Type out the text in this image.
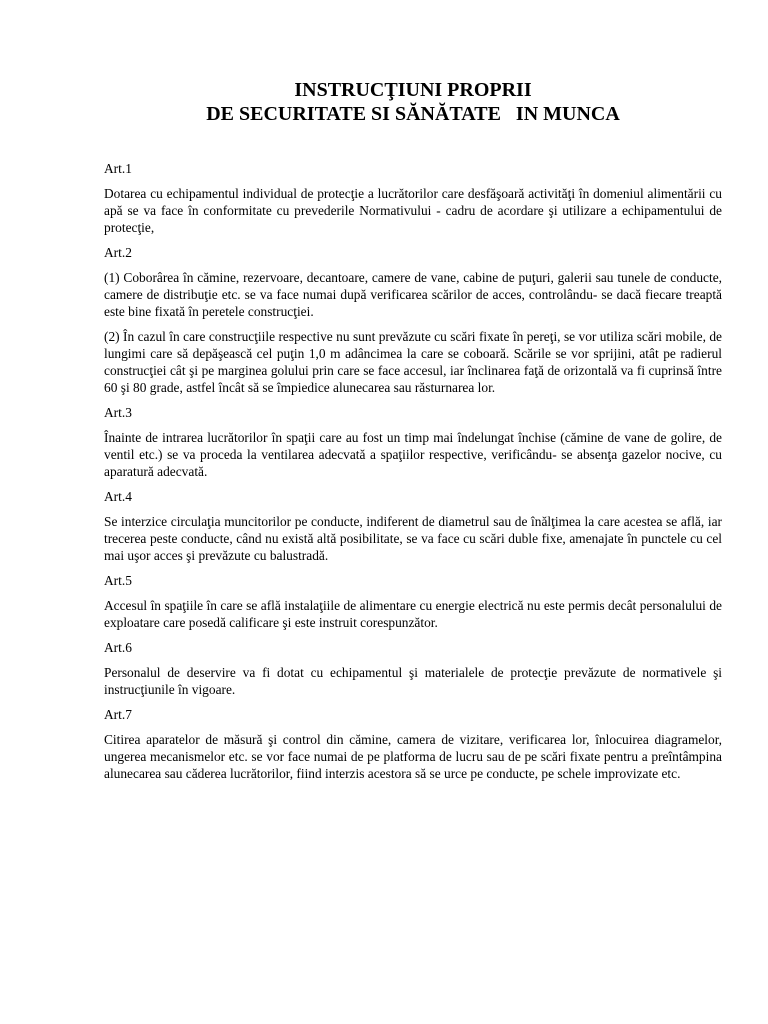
INSTRUCŢIUNI PROPRII
DE SECURITATE SI SĂNĂTATE   IN MUNCA

Art.1

Dotarea cu echipamentul individual de protecţie a lucrătorilor care desfăşoară activităţi în domeniul alimentării cu apă se va face în conformitate cu prevederile Normativului - cadru de acordare şi utilizare a echipamentului de protecţie,

Art.2

(1) Coborârea în cămine, rezervoare, decantoare, camere de vane, cabine de puţuri, galerii sau tunele de conducte, camere de distribuţie etc. se va face numai după verificarea scărilor de acces, controlându- se dacă fiecare treaptă este bine fixată în peretele construcţiei.

(2) În cazul în care construcţiile respective nu sunt prevăzute cu scări fixate în pereţi, se vor utiliza scări mobile, de lungimi care să depăşească cel puţin 1,0 m adâncimea la care se coboară. Scările se vor sprijini, atât pe radierul construcţiei cât şi pe marginea golului prin care se face accesul, iar înclinarea faţă de orizontală va fi cuprinsă între 60 şi 80 grade, astfel încât să se împiedice alunecarea sau răsturnarea lor.

Art.3

Înainte de intrarea lucrătorilor în spaţii care au fost un timp mai îndelungat închise (cămine de vane de golire, de ventil etc.) se va proceda la ventilarea adecvată a spaţiilor respective, verificându- se absenţa gazelor nocive, cu aparatură adecvată.

Art.4

Se interzice circulaţia muncitorilor pe conducte, indiferent de diametrul sau de înălţimea la care acestea se află, iar trecerea peste conducte, când nu există altă posibilitate, se va face cu scări duble fixe, amenajate în punctele cu cel mai uşor acces şi prevăzute cu balustradă.

Art.5

Accesul în spaţiile în care se află instalaţiile de alimentare cu energie electrică nu este permis decât personalului de exploatare care posedă calificare şi este instruit corespunzător.

Art.6

Personalul de deservire va fi dotat cu echipamentul şi materialele de protecţie prevăzute de normativele şi instrucţiunile în vigoare.

Art.7

Citirea aparatelor de măsură şi control din cămine, camera de vizitare, verificarea lor, înlocuirea diagramelor, ungerea mecanismelor etc. se vor face numai de pe platforma de lucru sau de pe scări fixate pentru a preîntâmpina alunecarea sau căderea lucrătorilor, fiind interzis acestora să se urce pe conducte, pe schele improvizate etc.
